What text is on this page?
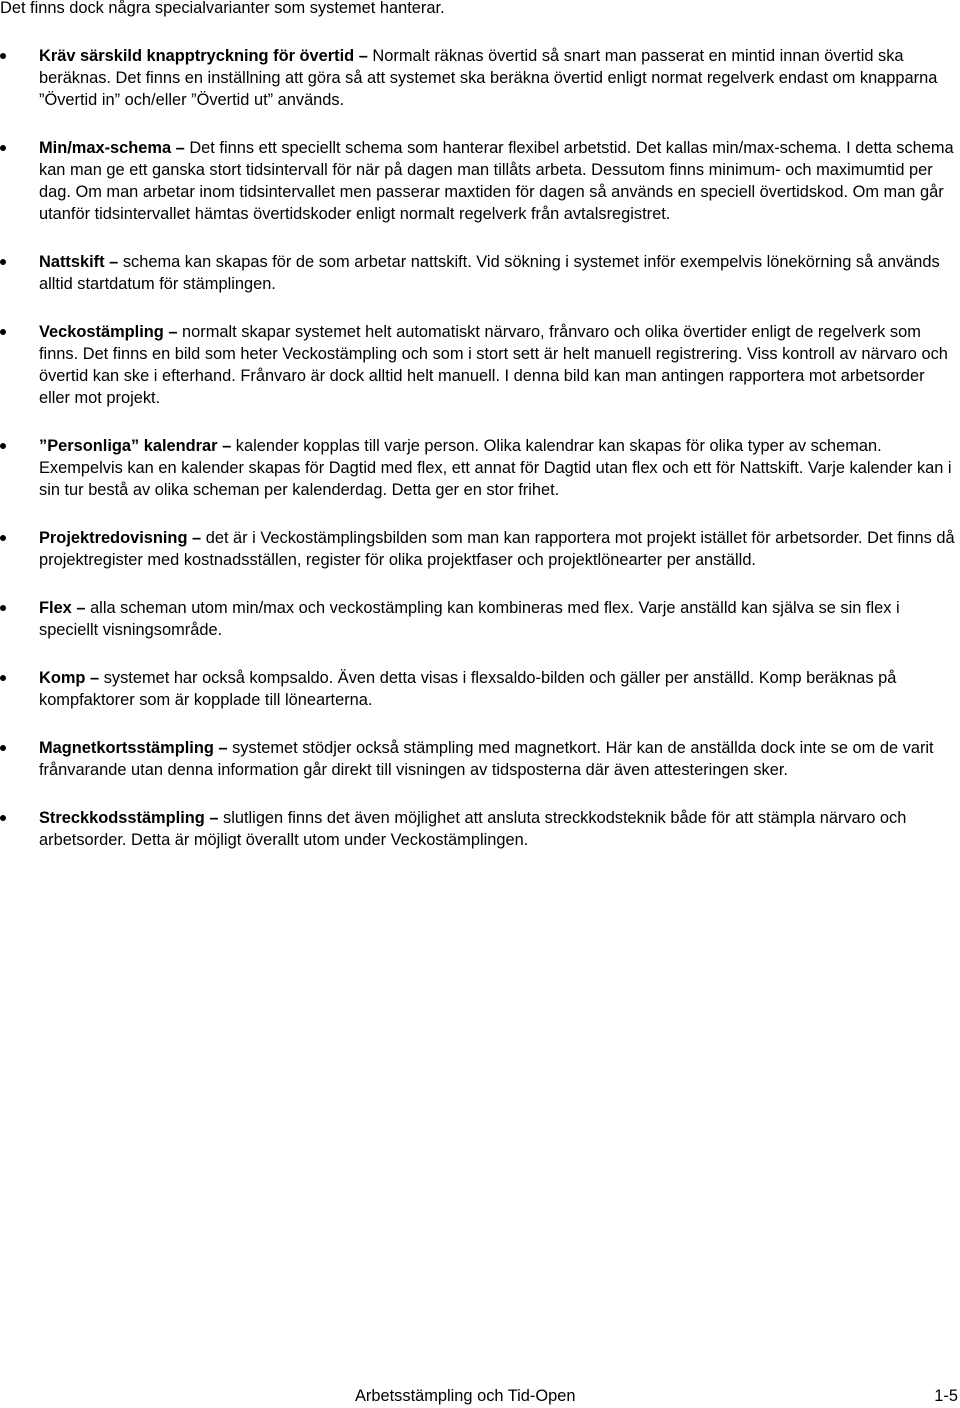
Det finns dock några specialvarianter som systemet hanterar.

Kräv särskild knapptryckning för övertid – Normalt räknas övertid så snart man passerat en mintid innan övertid ska beräknas. Det finns en inställning att göra så att systemet ska beräkna övertid enligt normat regelverk endast om knapparna ”Övertid in” och/eller ”Övertid ut” används.

Min/max-schema – Det finns ett speciellt schema som hanterar flexibel arbetstid. Det kallas min/max-schema. I detta schema kan man ge ett ganska stort tidsintervall för när på dagen man tillåts arbeta. Dessutom finns minimum- och maximumtid per dag. Om man arbetar inom tidsintervallet men passerar maxtiden för dagen så används en speciell övertidskod. Om man går utanför tidsintervallet hämtas övertidskoder enligt normalt regelverk från avtalsregistret.

Nattskift – schema kan skapas för de som arbetar nattskift. Vid sökning i systemet inför exempelvis lönekörning så används alltid startdatum för stämplingen.

Veckostämpling – normalt skapar systemet helt automatiskt närvaro, frånvaro och olika övertider enligt de regelverk som finns. Det finns en bild som heter Veckostämpling och som i stort sett är helt manuell registrering. Viss kontroll av närvaro och övertid kan ske i efterhand. Frånvaro är dock alltid helt manuell. I denna bild kan man antingen rapportera mot arbetsorder eller mot projekt.

”Personliga” kalendrar – kalender kopplas till varje person. Olika kalendrar kan skapas för olika typer av scheman. Exempelvis kan en kalender skapas för Dagtid med flex, ett annat för Dagtid utan flex och ett för Nattskift. Varje kalender kan i sin tur bestå av olika scheman per kalenderdag. Detta ger en stor frihet.

Projektredovisning – det är i Veckostämplingsbilden som man kan rapportera mot projekt istället för arbetsorder. Det finns då projektregister med kostnadsställen, register för olika projektfaser och projektlönearter per anställd.

Flex – alla scheman utom min/max och veckostämpling kan kombineras med flex. Varje anställd kan själva se sin flex i speciellt visningsområde.

Komp – systemet har också kompsaldo. Även detta visas i flexsaldo-bilden och gäller per anställd. Komp beräknas på kompfaktorer som är kopplade till lönearterna.

Magnetkortsstämpling – systemet stödjer också stämpling med magnetkort. Här kan de anställda dock inte se om de varit frånvarande utan denna information går direkt till visningen av tidsposterna där även attesteringen sker.

Streckkodsstämpling – slutligen finns det även möjlighet att ansluta streckkodsteknik både för att stämpla närvaro och arbetsorder. Detta är möjligt överallt utom under Veckostämplingen.

Arbetsstämpling och Tid-Open	1-5
